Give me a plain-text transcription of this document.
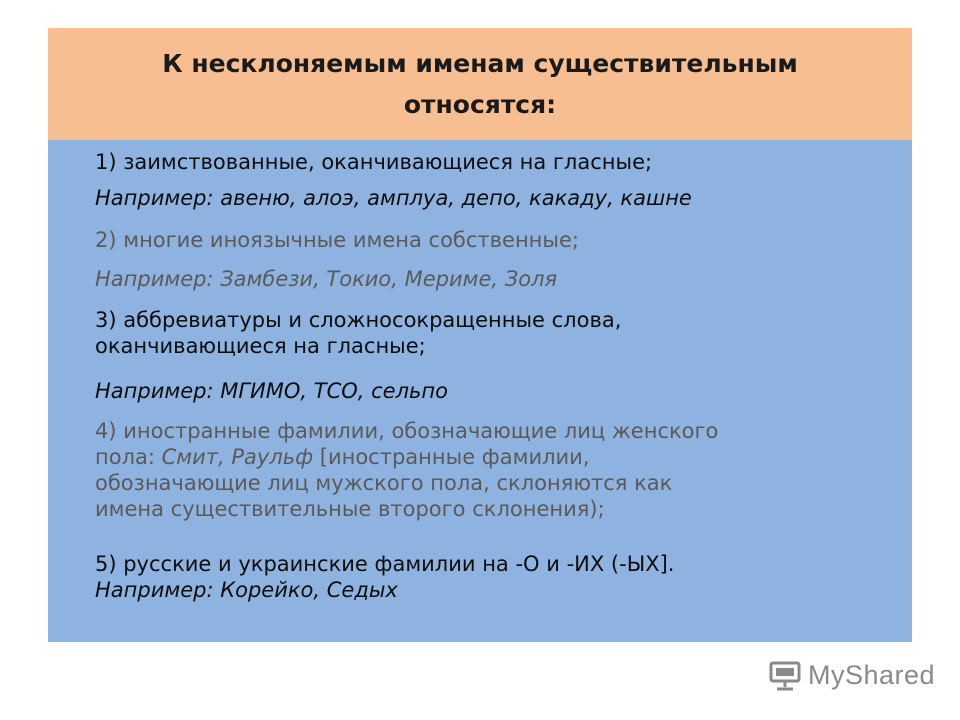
К несклоняемым именам существительным
относятся:
1) заимствованные, оканчивающиеся на гласные;
Например: авеню, алоэ, амплуа, депо, какаду, кашне
2) многие иноязычные имена собственные;
Например: Замбези, Токио, Мериме, Золя
3) аббревиатуры и сложносокращенные слова,
оканчивающиеся на гласные;
Например: МГИМО, ТСО, сельпо
4) иностранные фамилии, обозначающие лиц женского
пола: Смит, Раульф [иностранные фамилии,
обозначающие лиц мужского пола, склоняются как
имена существительные второго склонения);
5) русские и украинские фамилии на -О и -ИХ (-ЫХ].
Например: Корейко, Седых
MyShared
